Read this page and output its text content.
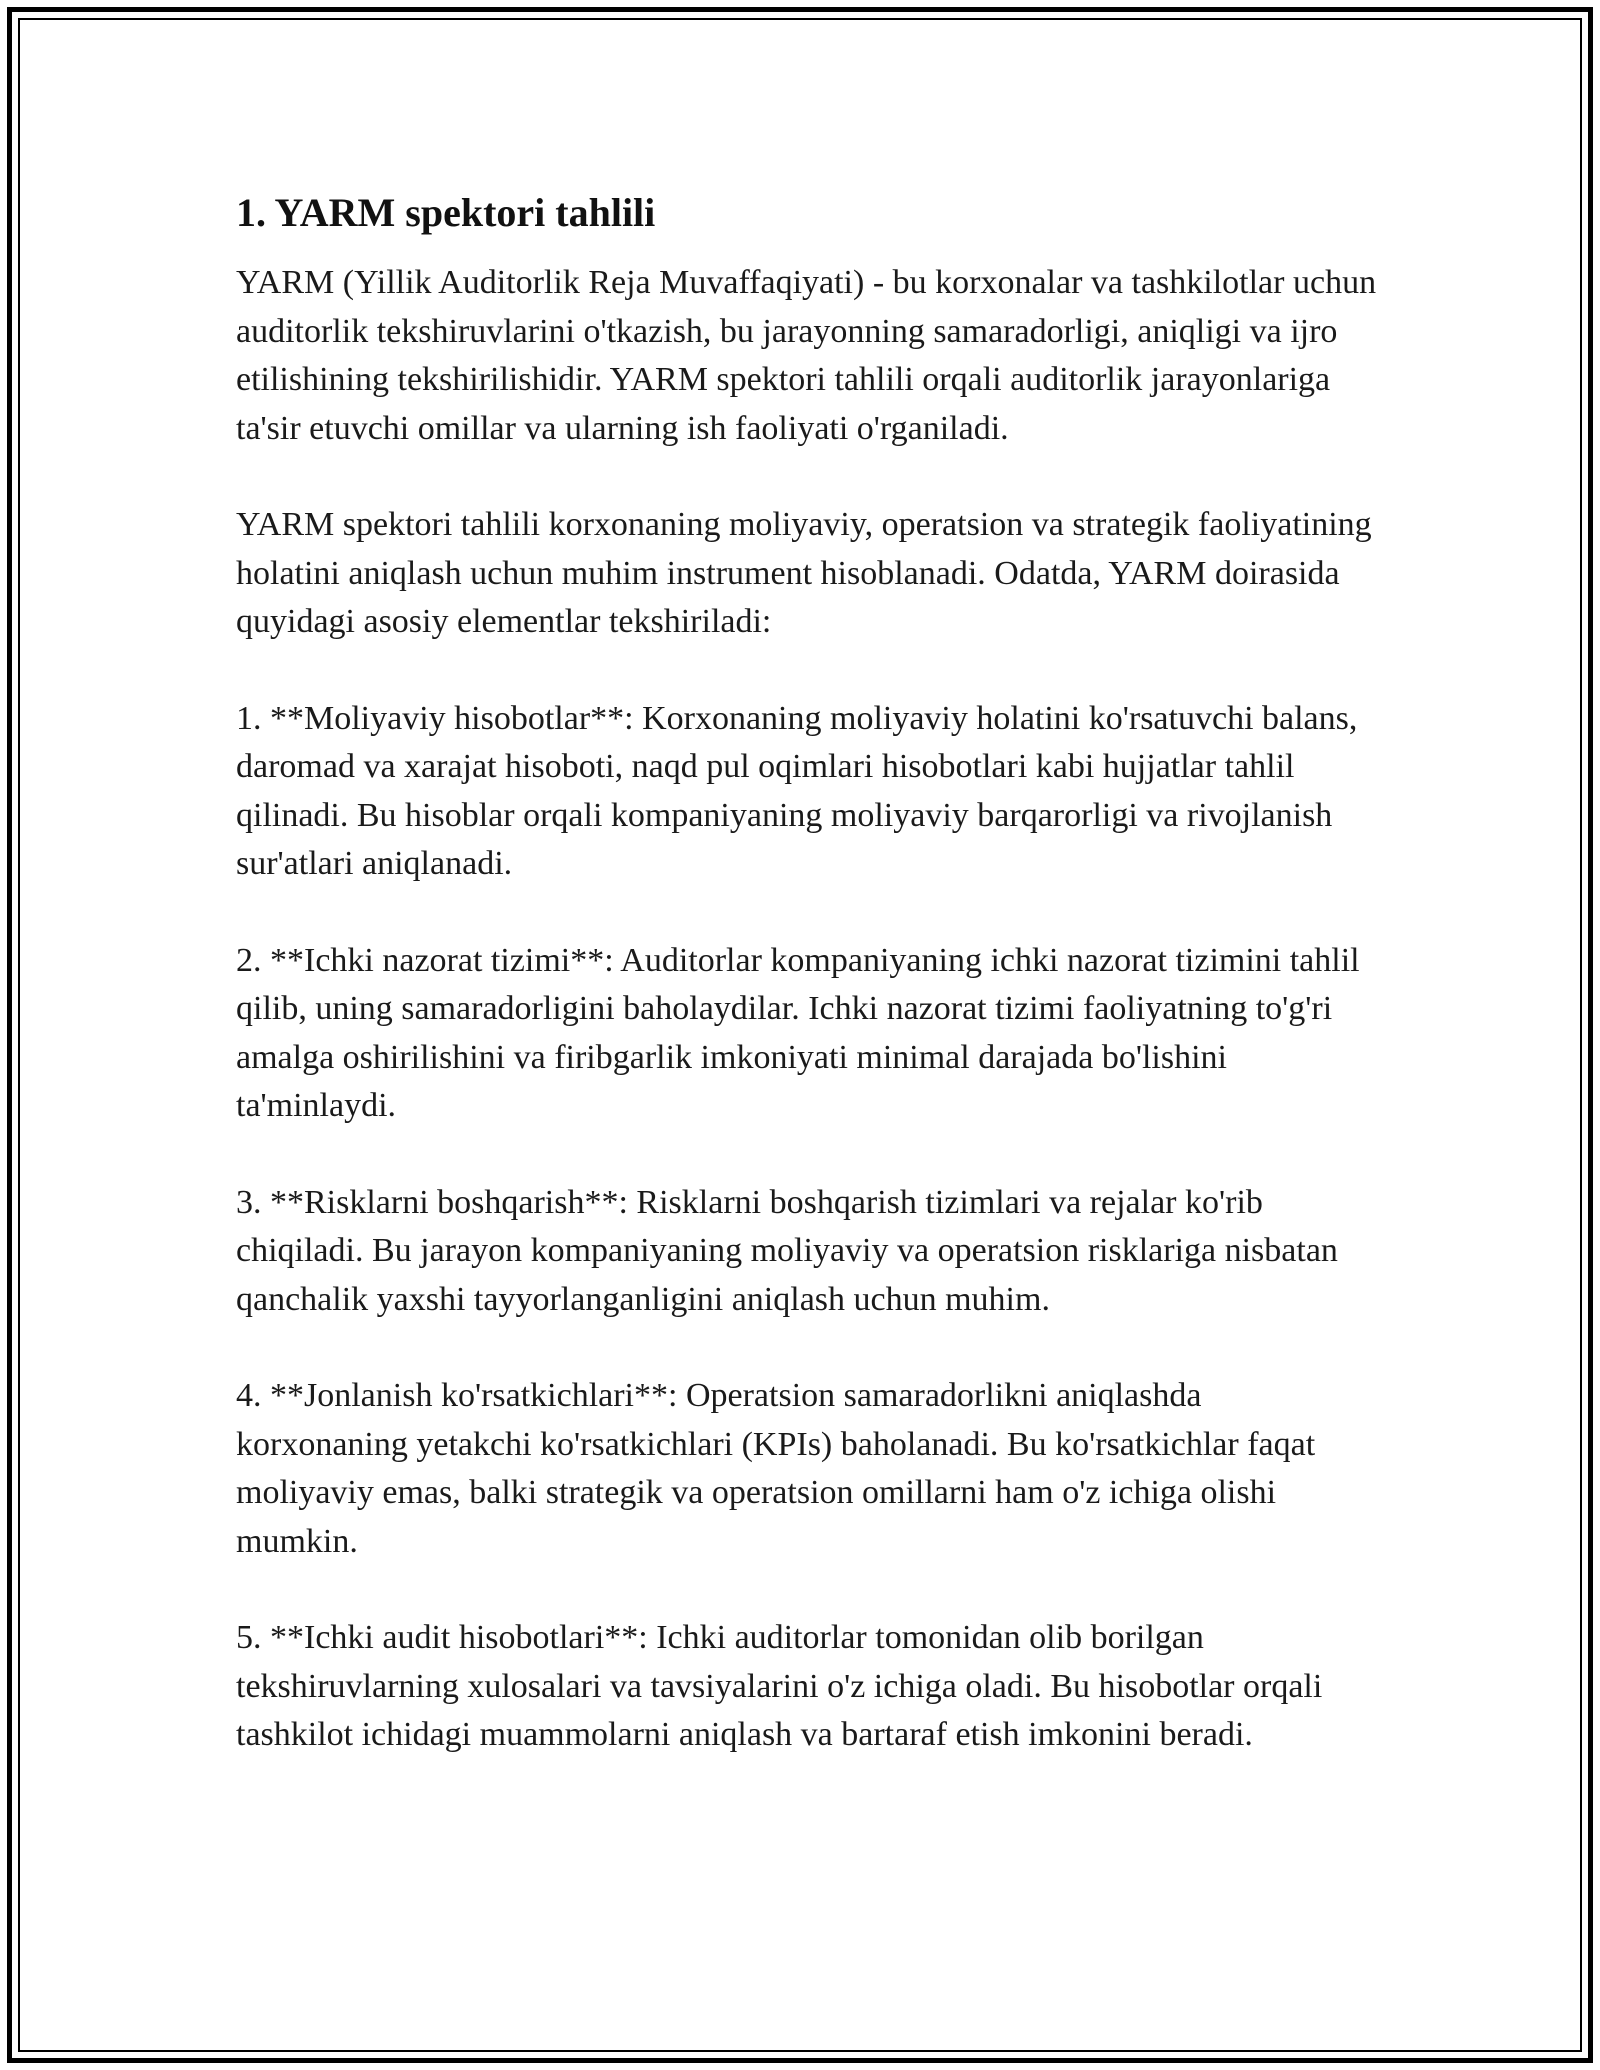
1. YARM spektori tahlili

YARM (Yillik Auditorlik Reja Muvaffaqiyati) - bu korxonalar va tashkilotlar uchun auditorlik tekshiruvlarini o'tkazish, bu jarayonning samaradorligi, aniqligi va ijro etilishining tekshirilishidir. YARM spektori tahlili orqali auditorlik jarayonlariga ta'sir etuvchi omillar va ularning ish faoliyati o'rganiladi.

YARM spektori tahlili korxonaning moliyaviy, operatsion va strategik faoliyatining holatini aniqlash uchun muhim instrument hisoblanadi. Odatda, YARM doirasida quyidagi asosiy elementlar tekshiriladi:

1. **Moliyaviy hisobotlar**: Korxonaning moliyaviy holatini ko'rsatuvchi balans, daromad va xarajat hisoboti, naqd pul oqimlari hisobotlari kabi hujjatlar tahlil qilinadi. Bu hisoblar orqali kompaniyaning moliyaviy barqarorligi va rivojlanish sur'atlari aniqlanadi.

2. **Ichki nazorat tizimi**: Auditorlar kompaniyaning ichki nazorat tizimini tahlil qilib, uning samaradorligini baholaydilar. Ichki nazorat tizimi faoliyatning to'g'ri amalga oshirilishini va firibgarlik imkoniyati minimal darajada bo'lishini ta'minlaydi.

3. **Risklarni boshqarish**: Risklarni boshqarish tizimlari va rejalar ko'rib chiqiladi. Bu jarayon kompaniyaning moliyaviy va operatsion risklariga nisbatan qanchalik yaxshi tayyorlanganligini aniqlash uchun muhim.

4. **Jonlanish ko'rsatkichlari**: Operatsion samaradorlikni aniqlashda korxonaning yetakchi ko'rsatkichlari (KPIs) baholanadi. Bu ko'rsatkichlar faqat moliyaviy emas, balki strategik va operatsion omillarni ham o'z ichiga olishi mumkin.

5. **Ichki audit hisobotlari**: Ichki auditorlar tomonidan olib borilgan tekshiruvlarning xulosalari va tavsiyalarini o'z ichiga oladi. Bu hisobotlar orqali tashkilot ichidagi muammolarni aniqlash va bartaraf etish imkonini beradi.
